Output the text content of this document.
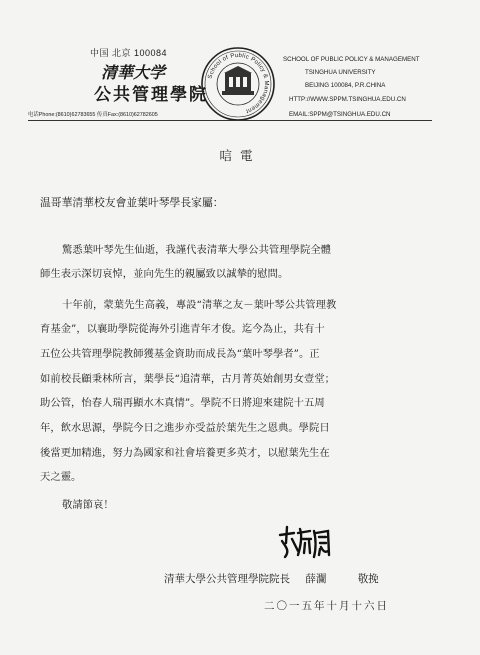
中国 北京 100084
清華大学
公共管理學院
电话Phone:(8610)62783655 传真Fax:(8610)62782605
School of Public Policy & Management
SCHOOL OF PUBLIC POLICY & MANAGEMENT
TSINGHUA UNIVERSITY
BEIJING 100084, P.R.CHINA
HTTP://WWW.SPPM.TSINGHUA.EDU.CN
EMAIL:SPPM@TSINGHUA.EDU.CN
唁電
温哥華清華校友會並葉叶琴學長家屬：
驚悉葉叶琴先生仙逝，我謹代表清華大學公共管理學院全體
師生表示深切哀悼，並向先生的親屬致以誠摯的慰問。
十年前，蒙葉先生高義，專設“清華之友－葉叶琴公共管理教
育基金”，以襄助學院從海外引進青年才俊。迄今為止，共有十
五位公共管理學院教師獲基金資助而成長為“葉叶琴學者”。正
如前校長顧秉林所言，葉學長“追清華，古月菁英始創男女壹堂；
助公管，怡春人瑞再顯水木真情”。學院不日將迎來建院十五周
年，飲水思源，學院今日之進步亦受益於葉先生之恩典。學院日
後當更加精進，努力為國家和社會培養更多英才，以慰葉先生在
天之靈。
敬請節哀！
清華大學公共管理學院院長 薛瀾	敬挽
二〇一五年十月十六日
